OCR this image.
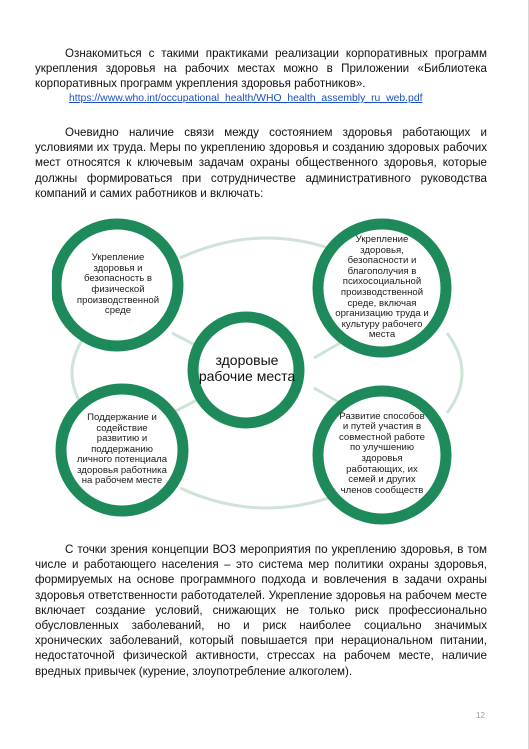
Ознакомиться с такими практиками реализации корпоративных программ укрепления здоровья на рабочих местах можно в Приложении «Библиотека корпоративных программ укрепления здоровья работников».
https://www.who.int/occupational_health/WHO_health_assembly_ru_web.pdf
Очевидно наличие связи между состоянием здоровья работающих и условиями их труда. Меры по укреплению здоровья и созданию здоровых рабочих мест относятся к ключевым задачам охраны общественного здоровья, которые должны формироваться при сотрудничестве административного руководства компаний и самих работников и включать:
Укрепление здоровья и безопасность в физической производственной среде
Укрепление здоровья, безопасности и благополучия в психосоциальной производственной среде, включая организацию труда и культуру рабочего места
Поддержание и содействие развитию и поддержанию личного потенциала здоровья работника на рабочем месте
Развитие способов и путей участия в совместной работе по улучшению здоровья работающих, их семей и других членов сообществ
здоровые рабочие места
С точки зрения концепции ВОЗ мероприятия по укреплению здоровья, в том числе и работающего населения – это система мер политики охраны здоровья, формируемых на основе программного подхода и вовлечения в задачи охраны здоровья ответственности работодателей. Укрепление здоровья на рабочем месте включает создание условий, снижающих не только риск профессионально обусловленных заболеваний, но и риск наиболее социально значимых хронических заболеваний, который повышается при нерациональном питании, недостаточной физической активности, стрессах на рабочем месте, наличие вредных привычек (курение, злоупотребление алкоголем).
12
